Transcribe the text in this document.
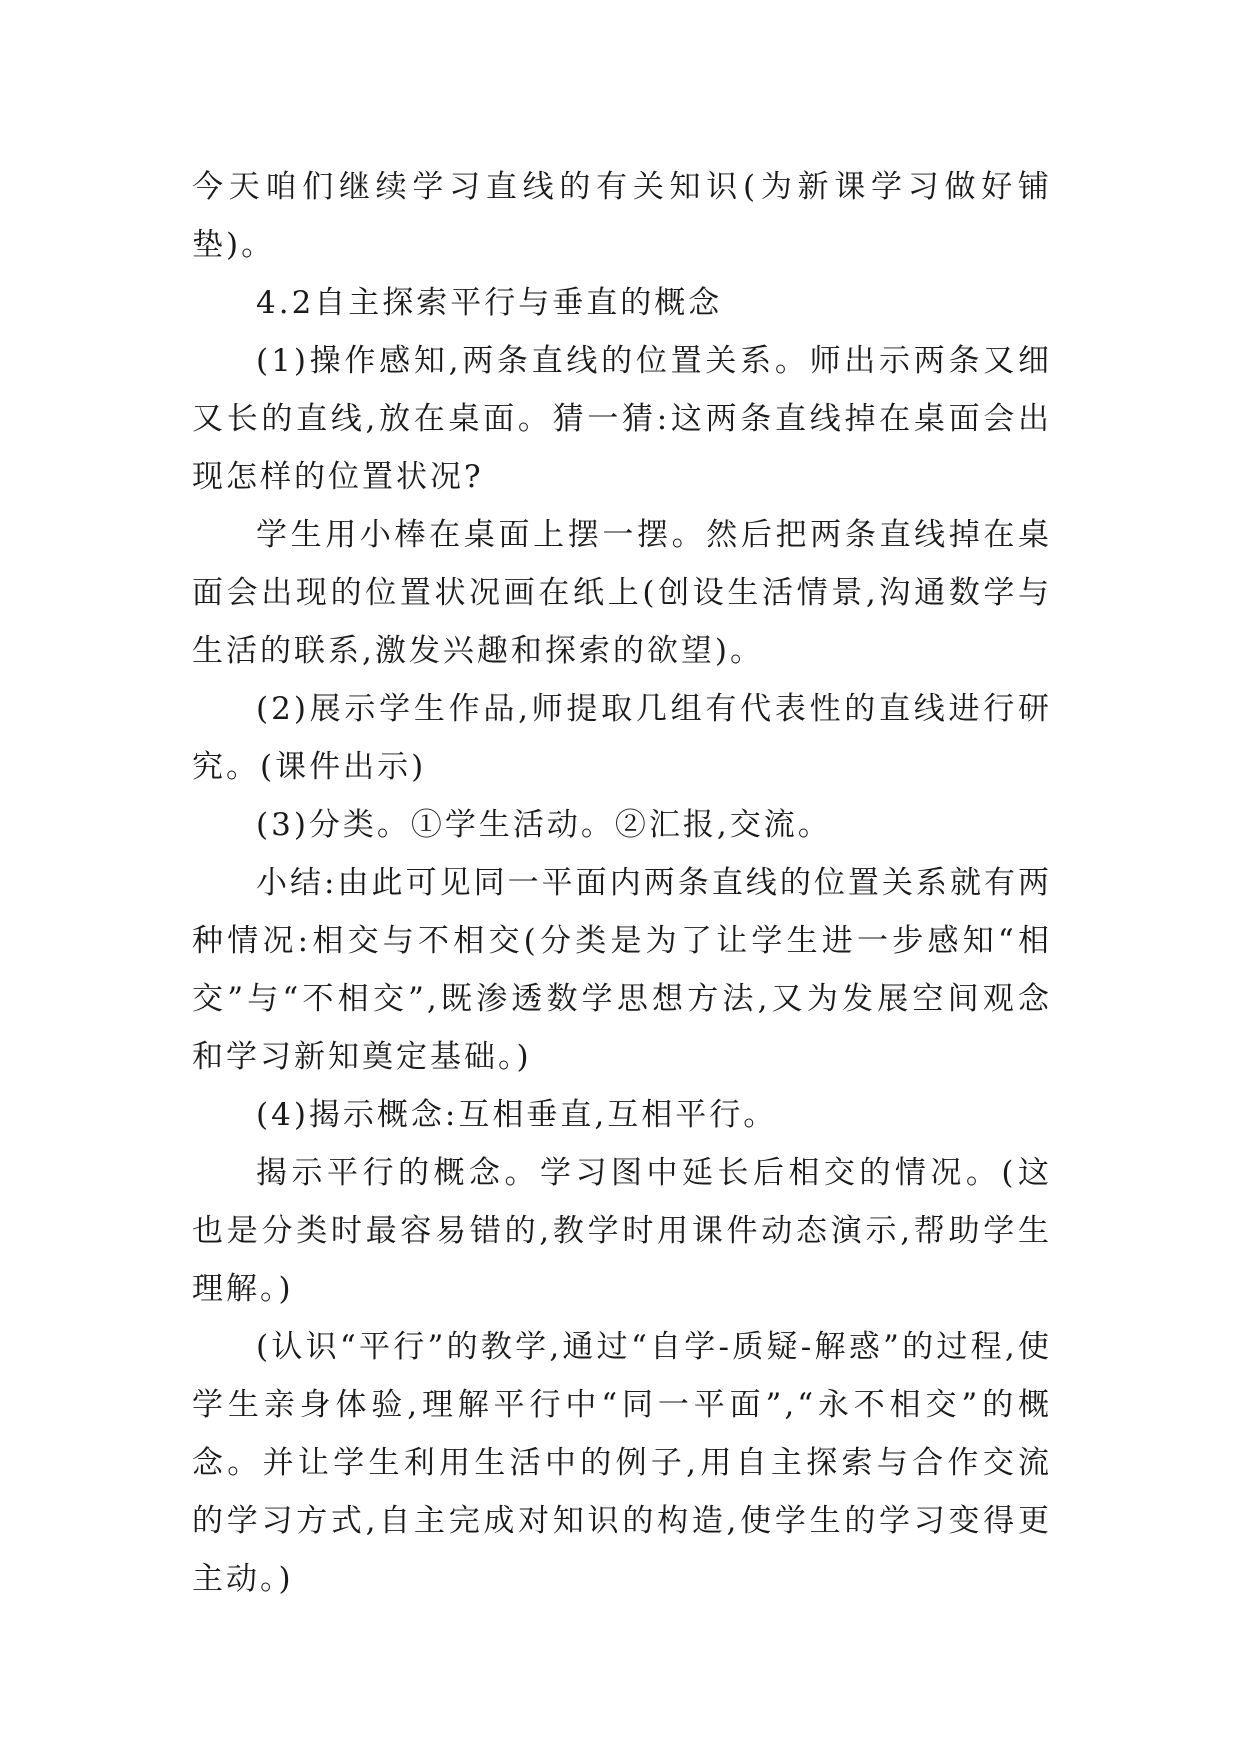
今天咱们继续学习直线的有关知识(为新课学习做好铺垫)。

4.2自主探索平行与垂直的概念

(1)操作感知,两条直线的位置关系。师出示两条又细又长的直线,放在桌面。猜一猜:这两条直线掉在桌面会出现怎样的位置状况?

学生用小棒在桌面上摆一摆。然后把两条直线掉在桌面会出现的位置状况画在纸上(创设生活情景,沟通数学与生活的联系,激发兴趣和探索的欲望)。

(2)展示学生作品,师提取几组有代表性的直线进行研究。(课件出示)

(3)分类。①学生活动。②汇报,交流。

小结:由此可见同一平面内两条直线的位置关系就有两种情况:相交与不相交(分类是为了让学生进一步感知“相交”与“不相交”,既渗透数学思想方法,又为发展空间观念和学习新知奠定基础。)

(4)揭示概念:互相垂直,互相平行。

揭示平行的概念。学习图中延长后相交的情况。(这也是分类时最容易错的,教学时用课件动态演示,帮助学生理解。)

(认识“平行”的教学,通过“自学-质疑-解惑”的过程,使学生亲身体验,理解平行中“同一平面”,“永不相交”的概念。并让学生利用生活中的例子,用自主探索与合作交流的学习方式,自主完成对知识的构造,使学生的学习变得更主动。)
